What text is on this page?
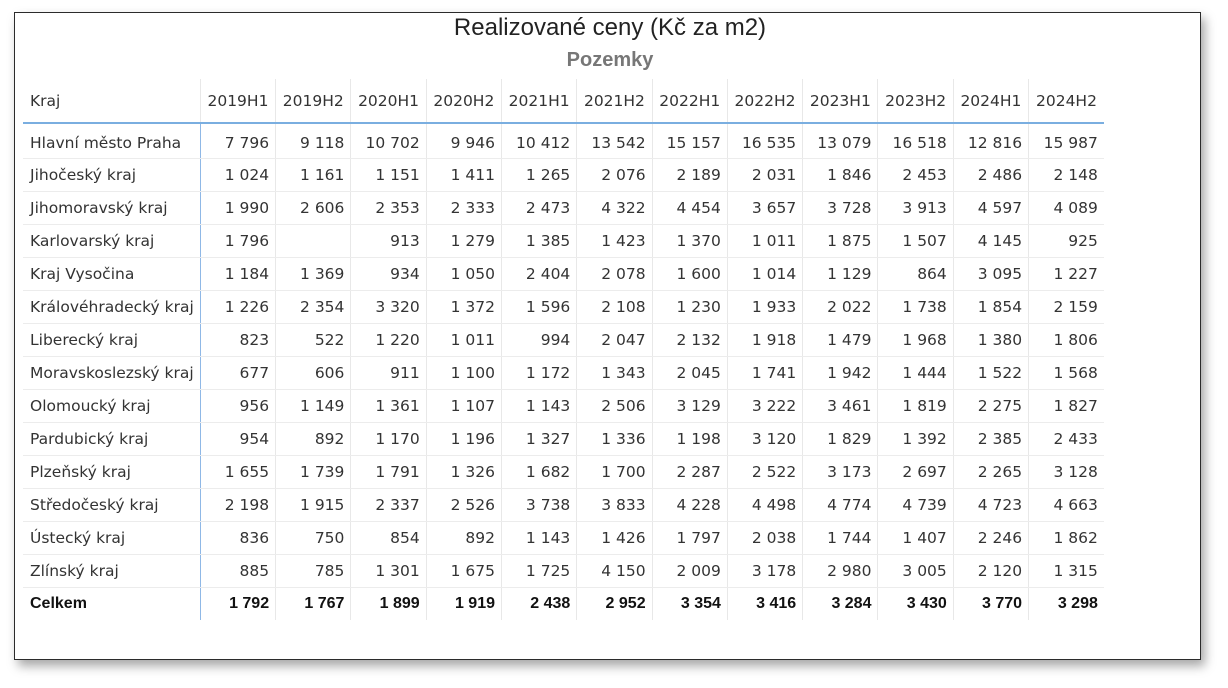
Realizované ceny (Kč za m2)
Pozemky
Kraj	2019H1	2019H2	2020H1	2020H2	2021H1	2021H2	2022H1	2022H2	2023H1	2023H2	2024H1	2024H2
Hlavní město Praha	7 796	9 118	10 702	9 946	10 412	13 542	15 157	16 535	13 079	16 518	12 816	15 987
Jihočeský kraj	1 024	1 161	1 151	1 411	1 265	2 076	2 189	2 031	1 846	2 453	2 486	2 148
Jihomoravský kraj	1 990	2 606	2 353	2 333	2 473	4 322	4 454	3 657	3 728	3 913	4 597	4 089
Karlovarský kraj	1 796		913	1 279	1 385	1 423	1 370	1 011	1 875	1 507	4 145	925
Kraj Vysočina	1 184	1 369	934	1 050	2 404	2 078	1 600	1 014	1 129	864	3 095	1 227
Královéhradecký kraj	1 226	2 354	3 320	1 372	1 596	2 108	1 230	1 933	2 022	1 738	1 854	2 159
Liberecký kraj	823	522	1 220	1 011	994	2 047	2 132	1 918	1 479	1 968	1 380	1 806
Moravskoslezský kraj	677	606	911	1 100	1 172	1 343	2 045	1 741	1 942	1 444	1 522	1 568
Olomoucký kraj	956	1 149	1 361	1 107	1 143	2 506	3 129	3 222	3 461	1 819	2 275	1 827
Pardubický kraj	954	892	1 170	1 196	1 327	1 336	1 198	3 120	1 829	1 392	2 385	2 433
Plzeňský kraj	1 655	1 739	1 791	1 326	1 682	1 700	2 287	2 522	3 173	2 697	2 265	3 128
Středočeský kraj	2 198	1 915	2 337	2 526	3 738	3 833	4 228	4 498	4 774	4 739	4 723	4 663
Ústecký kraj	836	750	854	892	1 143	1 426	1 797	2 038	1 744	1 407	2 246	1 862
Zlínský kraj	885	785	1 301	1 675	1 725	4 150	2 009	3 178	2 980	3 005	2 120	1 315
Celkem	1 792	1 767	1 899	1 919	2 438	2 952	3 354	3 416	3 284	3 430	3 770	3 298
